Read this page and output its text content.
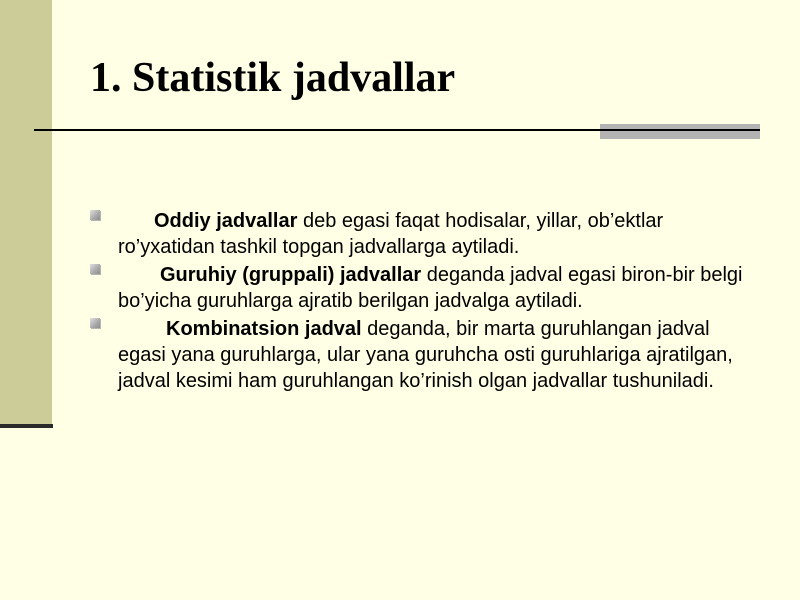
1. Statistik jadvallar
Oddiy jadvallar deb egasi faqat hodisalar, yillar, ob’ektlar ro’yxatidan tashkil topgan jadvallarga aytiladi.
Guruhiy (gruppali) jadvallar deganda jadval egasi biron-bir belgi bo’yicha guruhlarga ajratib berilgan jadvalga aytiladi.
Kombinatsion jadval deganda, bir marta guruhlangan jadval egasi yana guruhlarga, ular yana guruhcha osti guruhlariga ajratilgan, jadval kesimi ham guruhlangan ko’rinish olgan jadvallar tushuniladi.
